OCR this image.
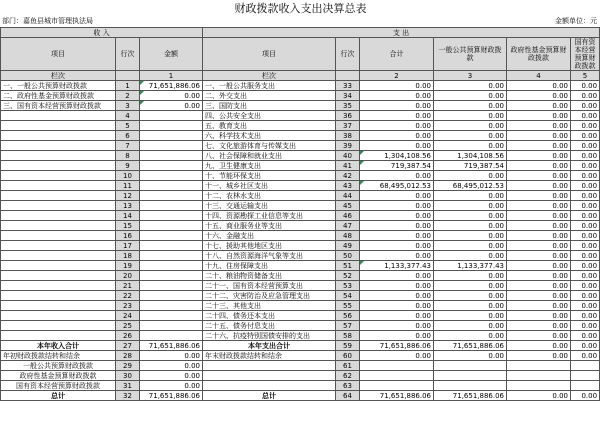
财政拨款收入支出决算总表
部门：嘉鱼县城市管理执法局	金额单位：元
收 入			支 出					
项目	行次	金额	项目	行次	合计	一般公共预算财政拨款	政府性基金预算财政拨款	国有资本经营预算财政拨款
栏次		1	栏次		2	3	4	5
一、一般公共预算财政拨款	1	71,651,886.06	一、一般公共服务支出	33	0.00	0.00	0.00	0.00
二、政府性基金预算财政拨款	2	0.00	二、外交支出	34	0.00	0.00	0.00	0.00
三、国有资本经营预算财政拨款	3	0.00	三、国防支出	35	0.00	0.00	0.00	0.00
	4		四、公共安全支出	36	0.00	0.00	0.00	0.00
	5		五、教育支出	37	0.00	0.00	0.00	0.00
	6		六、科学技术支出	38	0.00	0.00	0.00	0.00
	7		七、文化旅游体育与传媒支出	39	0.00	0.00	0.00	0.00
	8		八、社会保障和就业支出	40	1,304,108.56	1,304,108.56	0.00	0.00
	9		九、卫生健康支出	41	719,387.54	719,387.54	0.00	0.00
	10		十、节能环保支出	42	0.00	0.00	0.00	0.00
	11		十一、城乡社区支出	43	68,495,012.53	68,495,012.53	0.00	0.00
	12		十二、农林水支出	44	0.00	0.00	0.00	0.00
	13		十三、交通运输支出	45	0.00	0.00	0.00	0.00
	14		十四、资源勘探工业信息等支出	46	0.00	0.00	0.00	0.00
	15		十五、商业服务业等支出	47	0.00	0.00	0.00	0.00
	16		十六、金融支出	48	0.00	0.00	0.00	0.00
	17		十七、援助其他地区支出	49	0.00	0.00	0.00	0.00
	18		十八、自然资源海洋气象等支出	50	0.00	0.00	0.00	0.00
	19		十九、住房保障支出	51	1,133,377.43	1,133,377.43	0.00	0.00
	20		二十、粮油物资储备支出	52	0.00	0.00	0.00	0.00
	21		二十一、国有资本经营预算支出	53	0.00	0.00	0.00	0.00
	22		二十二、灾害防治及应急管理支出	54	0.00	0.00	0.00	0.00
	23		二十三、其他支出	55	0.00	0.00	0.00	0.00
	24		二十四、债务还本支出	56	0.00	0.00	0.00	0.00
	25		二十五、债务付息支出	57	0.00	0.00	0.00	0.00
	26		二十六、抗疫特别国债安排的支出	58	0.00	0.00	0.00	0.00
本年收入合计	27	71,651,886.06	本年支出合计	59	71,651,886.06	71,651,886.06	0.00	0.00
年初财政拨款结转和结余	28	0.00	年末财政拨款结转和结余	60	0.00	0.00	0.00	0.00
一般公共预算财政拨款	29	0.00		61				
政府性基金预算财政拨款	30	0.00		62				
国有资本经营预算财政拨款	31	0.00		63				
总计	32	71,651,886.06	总计	64	71,651,886.06	71,651,886.06	0.00	0.00
